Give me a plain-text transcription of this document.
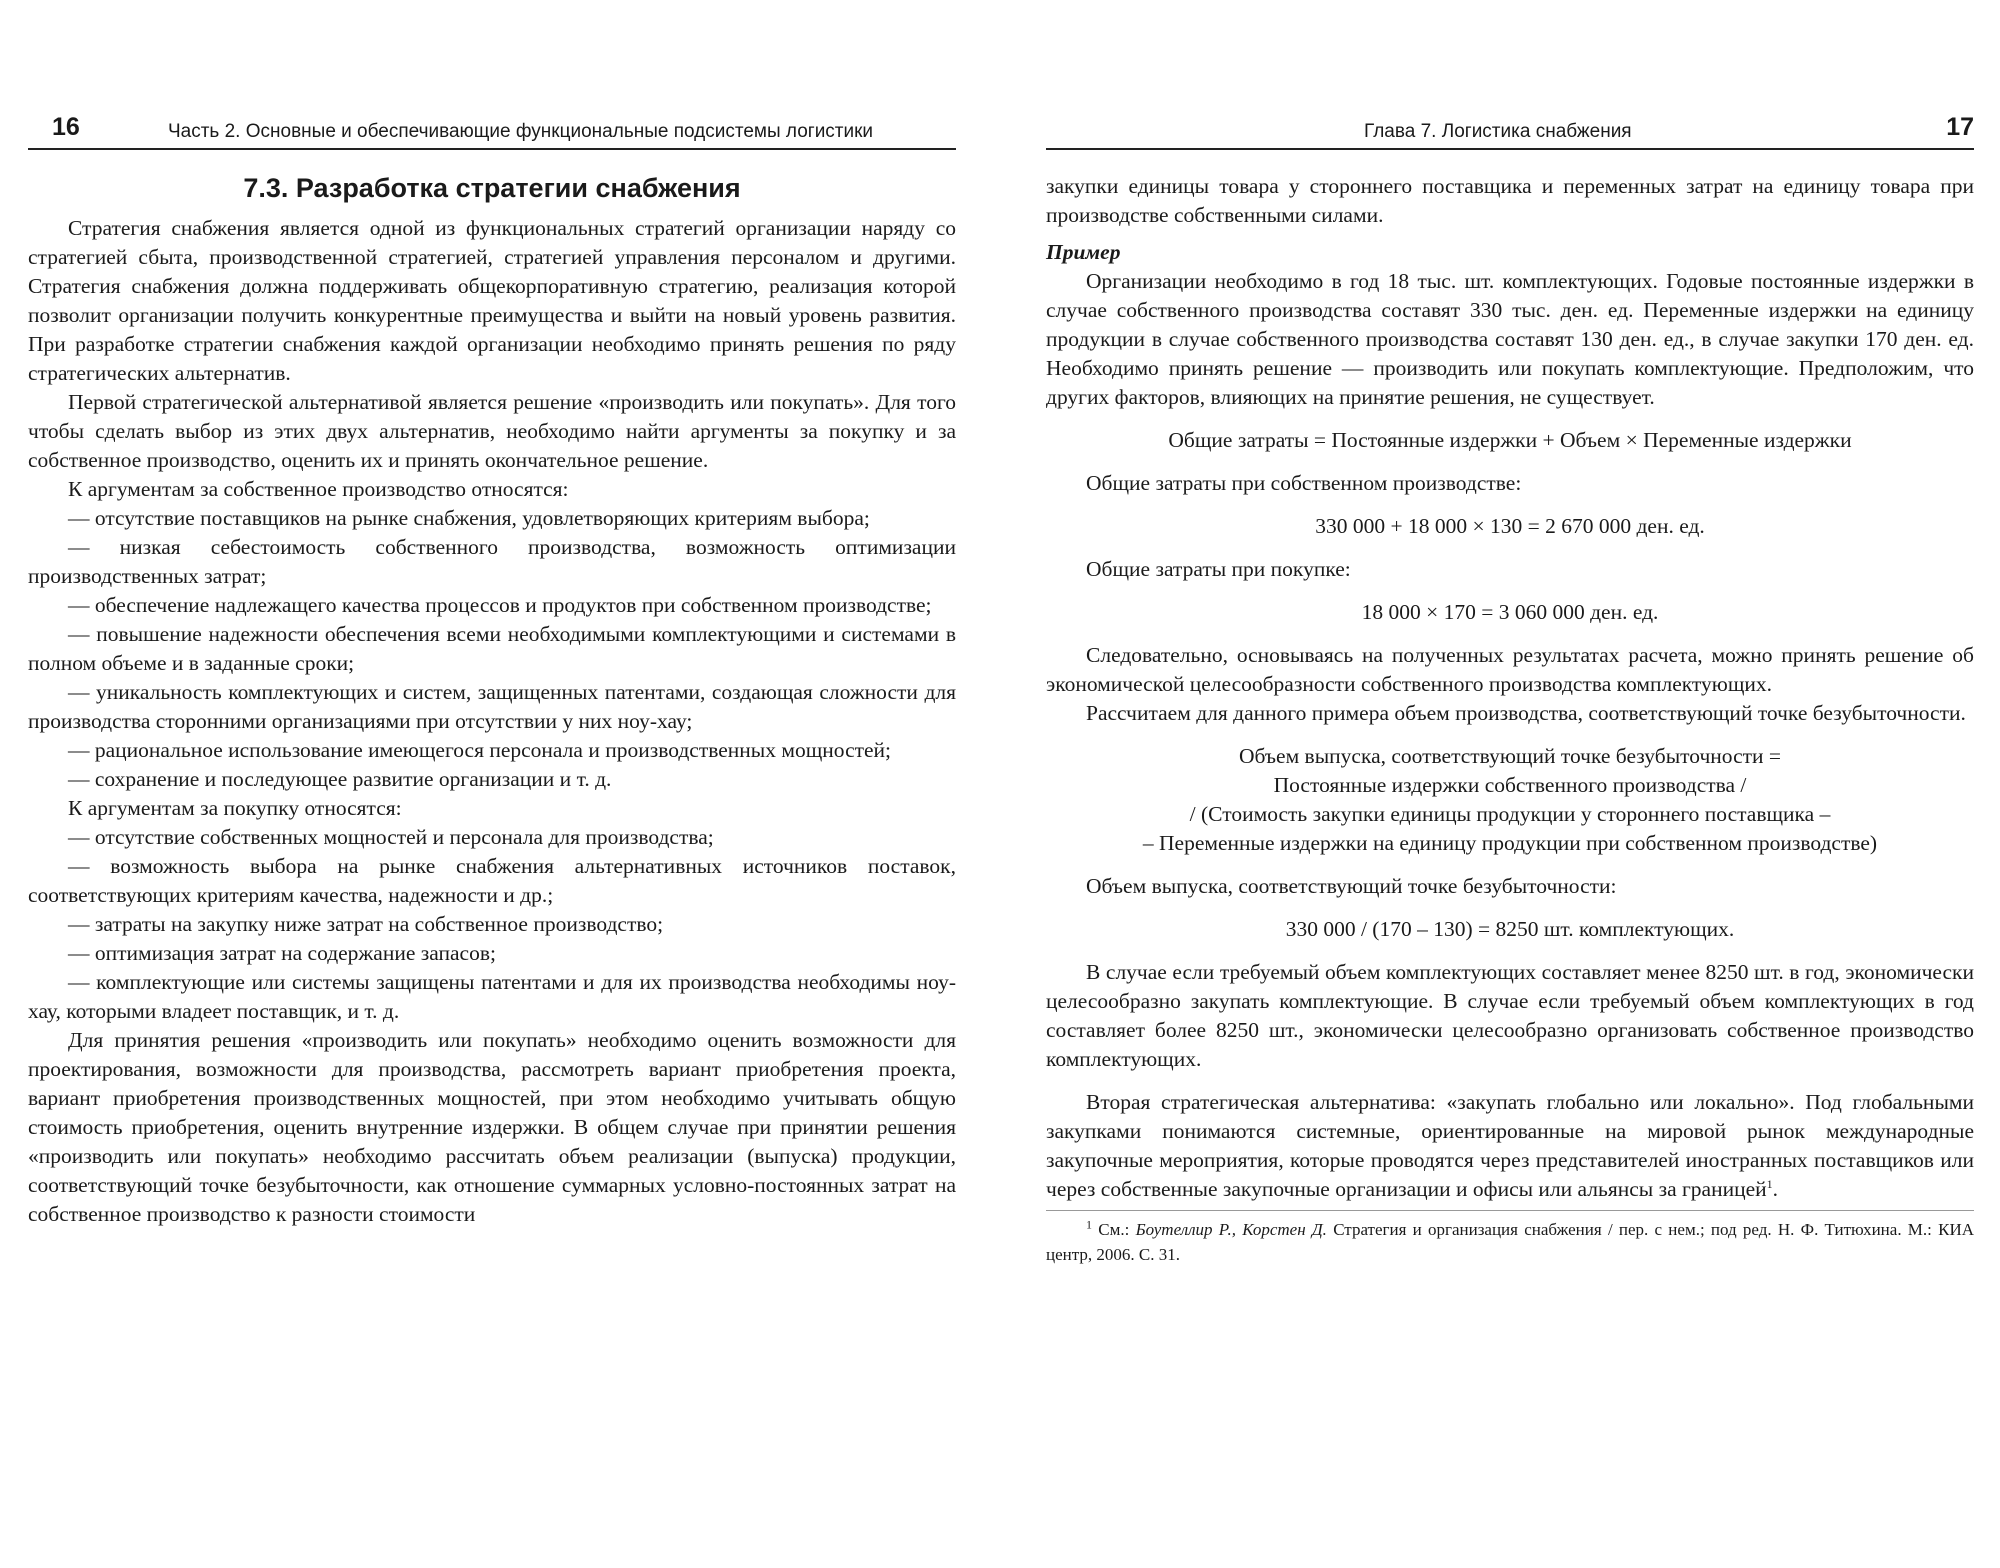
16	Часть 2. Основные и обеспечивающие функциональные подсистемы логистики
7.3. Разработка стратегии снабжения

Стратегия снабжения является одной из функциональных стратегий организации наряду со стратегией сбыта, производственной стратегией, стратегией управления персоналом и другими. Стратегия снабжения должна поддерживать общекорпоративную стратегию, реализация которой позволит организации получить конкурентные преимущества и выйти на новый уровень развития. При разработке стратегии снабжения каждой организации необходимо принять решения по ряду стратегических альтернатив.

Первой стратегической альтернативой является решение «производить или покупать». Для того чтобы сделать выбор из этих двух альтернатив, необходимо найти аргументы за покупку и за собственное производство, оценить их и принять окончательное решение.

К аргументам за собственное производство относятся:

— отсутствие поставщиков на рынке снабжения, удовлетворяющих критериям выбора;

— низкая себестоимость собственного производства, возможность оптимизации производственных затрат;

— обеспечение надлежащего качества процессов и продуктов при собственном производстве;

— повышение надежности обеспечения всеми необходимыми комплектующими и системами в полном объеме и в заданные сроки;

— уникальность комплектующих и систем, защищенных патентами, создающая сложности для производства сторонними организациями при отсутствии у них ноу-хау;

— рациональное использование имеющегося персонала и производственных мощностей;

— сохранение и последующее развитие организации и т. д.

К аргументам за покупку относятся:

— отсутствие собственных мощностей и персонала для производства;

— возможность выбора на рынке снабжения альтернативных источников поставок, соответствующих критериям качества, надежности и др.;

— затраты на закупку ниже затрат на собственное производство;

— оптимизация затрат на содержание запасов;

— комплектующие или системы защищены патентами и для их производства необходимы ноу-хау, которыми владеет поставщик, и т. д.

Для принятия решения «производить или покупать» необходимо оценить возможности для проектирования, возможности для производства, рассмотреть вариант приобретения проекта, вариант приобретения производственных мощностей, при этом необходимо учитывать общую стоимость приобретения, оценить внутренние издержки. В общем случае при принятии решения «производить или покупать» необходимо рассчитать объем реализации (выпуска) продукции, соответствующий точке безубыточности, как отношение суммарных условно-постоянных затрат на собственное производство к разности стоимости

Глава 7. Логистика снабжения	17

закупки единицы товара у стороннего поставщика и переменных затрат на единицу товара при производстве собственными силами.

Пример

Организации необходимо в год 18 тыс. шт. комплектующих. Годовые постоянные издержки в случае собственного производства составят 330 тыс. ден. ед. Переменные издержки на единицу продукции в случае собственного производства составят 130 ден. ед., в случае закупки 170 ден. ед. Необходимо принять решение — производить или покупать комплектующие. Предположим, что других факторов, влияющих на принятие решения, не существует.

Общие затраты = Постоянные издержки + Объем × Переменные издержки

Общие затраты при собственном производстве:

330 000 + 18 000 × 130 = 2 670 000 ден. ед.

Общие затраты при покупке:

18 000 × 170 = 3 060 000 ден. ед.

Следовательно, основываясь на полученных результатах расчета, можно принять решение об экономической целесообразности собственного производства комплектующих.

Рассчитаем для данного примера объем производства, соответствующий точке безубыточности.

Объем выпуска, соответствующий точке безубыточности =
Постоянные издержки собственного производства /
/ (Стоимость закупки единицы продукции у стороннего поставщика –
– Переменные издержки на единицу продукции при собственном производстве)

Объем выпуска, соответствующий точке безубыточности:

330 000 / (170 – 130) = 8250 шт. комплектующих.

В случае если требуемый объем комплектующих составляет менее 8250 шт. в год, экономически целесообразно закупать комплектующие. В случае если требуемый объем комплектующих в год составляет более 8250 шт., экономически целесообразно организовать собственное производство комплектующих.

Вторая стратегическая альтернатива: «закупать глобально или локально». Под глобальными закупками понимаются системные, ориентированные на мировой рынок международные закупочные мероприятия, которые проводятся через представителей иностранных поставщиков или через собственные закупочные организации и офисы или альянсы за границей$^1$.

$^1$ См.: Боутеллир Р., Корстен Д. Стратегия и организация снабжения / пер. с нем.; под ред. Н. Ф. Титюхина. М.: КИА центр, 2006. С. 31.
